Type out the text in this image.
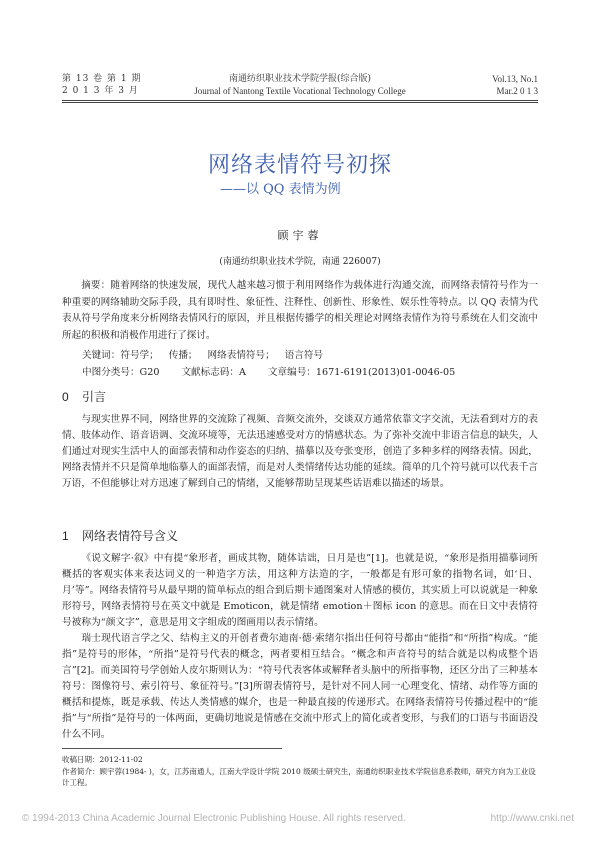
第 13 卷 第 1 期
2 0 1 3 年 3 月
南通纺织职业技术学院学报(综合版)
Journal of Nantong Textile Vocational Technology College
Vol.13, No.1
Mar.2 0 1 3
网络表情符号初探
——以 QQ 表情为例
顾宇蓉
(南通纺织职业技术学院，南通 226007)

摘要：随着网络的快速发展，现代人越来越习惯于利用网络作为载体进行沟通交流，而网络表情符号作为一种重要的网络辅助交际手段，具有即时性、象征性、注释性、创新性、形象性、娱乐性等特点。以 QQ 表情为代表从符号学角度来分析网络表情风行的原因，并且根据传播学的相关理论对网络表情作为符号系统在人们交流中所起的积极和消极作用进行了探讨。

关键词：符号学； 传播； 网络表情符号； 语言符号
中图分类号：G20 文献标志码：A 文章编号：1671-6191(2013)01-0046-05
0 引言

与现实世界不同，网络世界的交流除了视频、音频交流外，交谈双方通常依靠文字交流，无法看到对方的表情、肢体动作、语音语调、交流环境等，无法迅速感受对方的情感状态。为了弥补交流中非语言信息的缺失，人们通过对现实生活中人的面部表情和动作姿态的归纳、描摹以及夸张变形，创造了多种多样的网络表情。因此，网络表情并不只是简单地临摹人的面部表情，而是对人类情绪传达功能的延续。简单的几个符号就可以代表千言万语，不但能够让对方迅速了解到自己的情绪，又能够帮助呈现某些话语难以描述的场景。

1 网络表情符号含义

《说文解字·叙》中有提“象形者，画成其物，随体诘诎，日月是也”[1]。也就是说，“象形是指用描摹词所概括的客观实体来表达词义的一种造字方法，用这种方法造的字，一般都是有形可象的指物名词，如‘日、月’等”。网络表情符号从最早期的简单标点的组合到后期卡通图案对人情感的模仿，其实质上可以说就是一种象形符号，网络表情符号在英文中就是 Emoticon，就是情绪 emotion＋图标 icon 的意思。而在日文中表情符号被称为“颜文字”，意思是用文字组成的图画用以表示情绪。

瑞士现代语言学之父、结构主义的开创者费尔迪南·德·索绪尔指出任何符号都由“能指”和“所指”构成。“能指”是符号的形体，“所指”是符号代表的概念，两者要相互结合。“概念和声音符号的结合就是以构成整个语言”[2]。而美国符号学创始人皮尔斯则认为：“符号代表客体或解释者头脑中的所指事物，还区分出了三种基本符号：图像符号、索引符号、象征符号。”[3]所谓表情符号，是针对不同人同一心理变化、情绪、动作等方面的概括和提炼，既是承载、传达人类情感的媒介，也是一种最直接的传递形式。在网络表情符号传播过程中的“能指”与“所指”是符号的一体两面，更确切地说是情感在交流中形式上的简化或者变形，与我们的口语与书面语没什么不同。

收稿日期：2012-11-02
作者简介：顾宇蓉(1984- )，女，江苏南通人，江南大学设计学院 2010 级硕士研究生，南通纺织职业技术学院信息系教师，研究方向为工业设计工程。
© 1994-2013 China Academic Journal Electronic Publishing House. All rights reserved.	http://www.cnki.net
